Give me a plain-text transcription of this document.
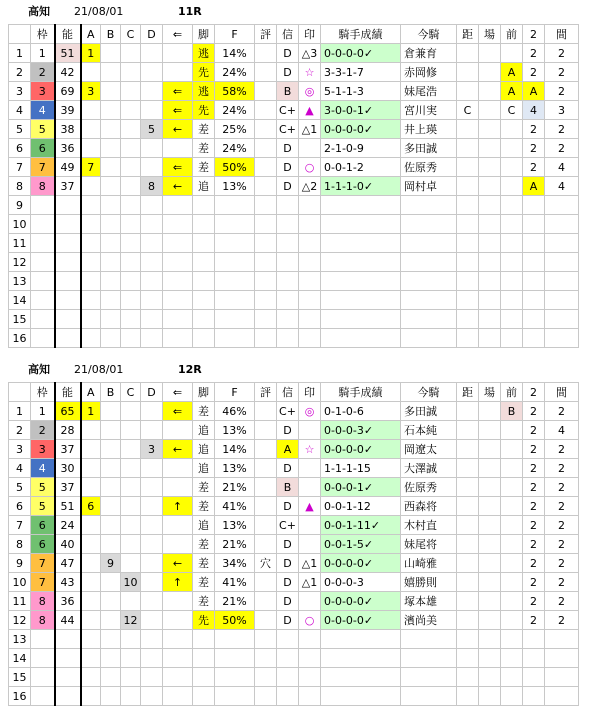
高知 21/08/01	11R
	枠	能	A	B	C	D	⇐	脚	F	評	信	印	騎手成績	今騎	距	場	前	2	間
1	1	51	1					逃	14%		D	△3	0-0-0-0✓	倉兼育				2	2
2	2	42						先	24%		D	☆	3-3-1-7	赤岡修			A	2	2
3	3	69	3				⇐	逃	58%		B	◎	5-1-1-3	妹尾浩			A	A	2
4	4	39					⇐	先	24%		C+	▲	3-0-0-1✓	宮川実	C		C	4	3
5	5	38				5	←	差	25%		C+	△1	0-0-0-0✓	井上瑛				2	2
6	6	36						差	24%		D		2-1-0-9	多田誠				2	2
7	7	49	7				⇐	差	50%		D	○	0-0-1-2	佐原秀				2	4
8	8	37				8	←	追	13%		D	△2	1-1-1-0✓	岡村卓				A	4
9																			
10																			
11																			
12																			
13																			
14																			
15																			
16																			
高知 21/08/01	12R
	枠	能	A	B	C	D	⇐	脚	F	評	信	印	騎手成績	今騎	距	場	前	2	間
1	1	65	1				⇐	差	46%		C+	◎	0-1-0-6	多田誠			B	2	2
2	2	28						追	13%		D		0-0-0-3✓	石本純				2	4
3	3	37				3	←	追	14%		A	☆	0-0-0-0✓	岡遼太				2	2
4	4	30						追	13%		D		1-1-1-15	大澤誠				2	2
5	5	37						差	21%		B		0-0-0-1✓	佐原秀				2	2
6	5	51	6				↑	差	41%		D	▲	0-0-1-12	西森将				2	2
7	6	24						追	13%		C+		0-0-1-11✓	木村直				2	2
8	6	40						差	21%		D		0-0-1-5✓	妹尾将				2	2
9	7	47		9			←	差	34%	穴	D	△1	0-0-0-0✓	山崎雅				2	2
10	7	43			10		↑	差	41%		D	△1	0-0-0-3	嬉勝則				2	2
11	8	36						差	21%		D		0-0-0-0✓	塚本雄				2	2
12	8	44			12			先	50%		D	○	0-0-0-0✓	濱尚美				2	2
13																			
14																			
15																			
16																			
